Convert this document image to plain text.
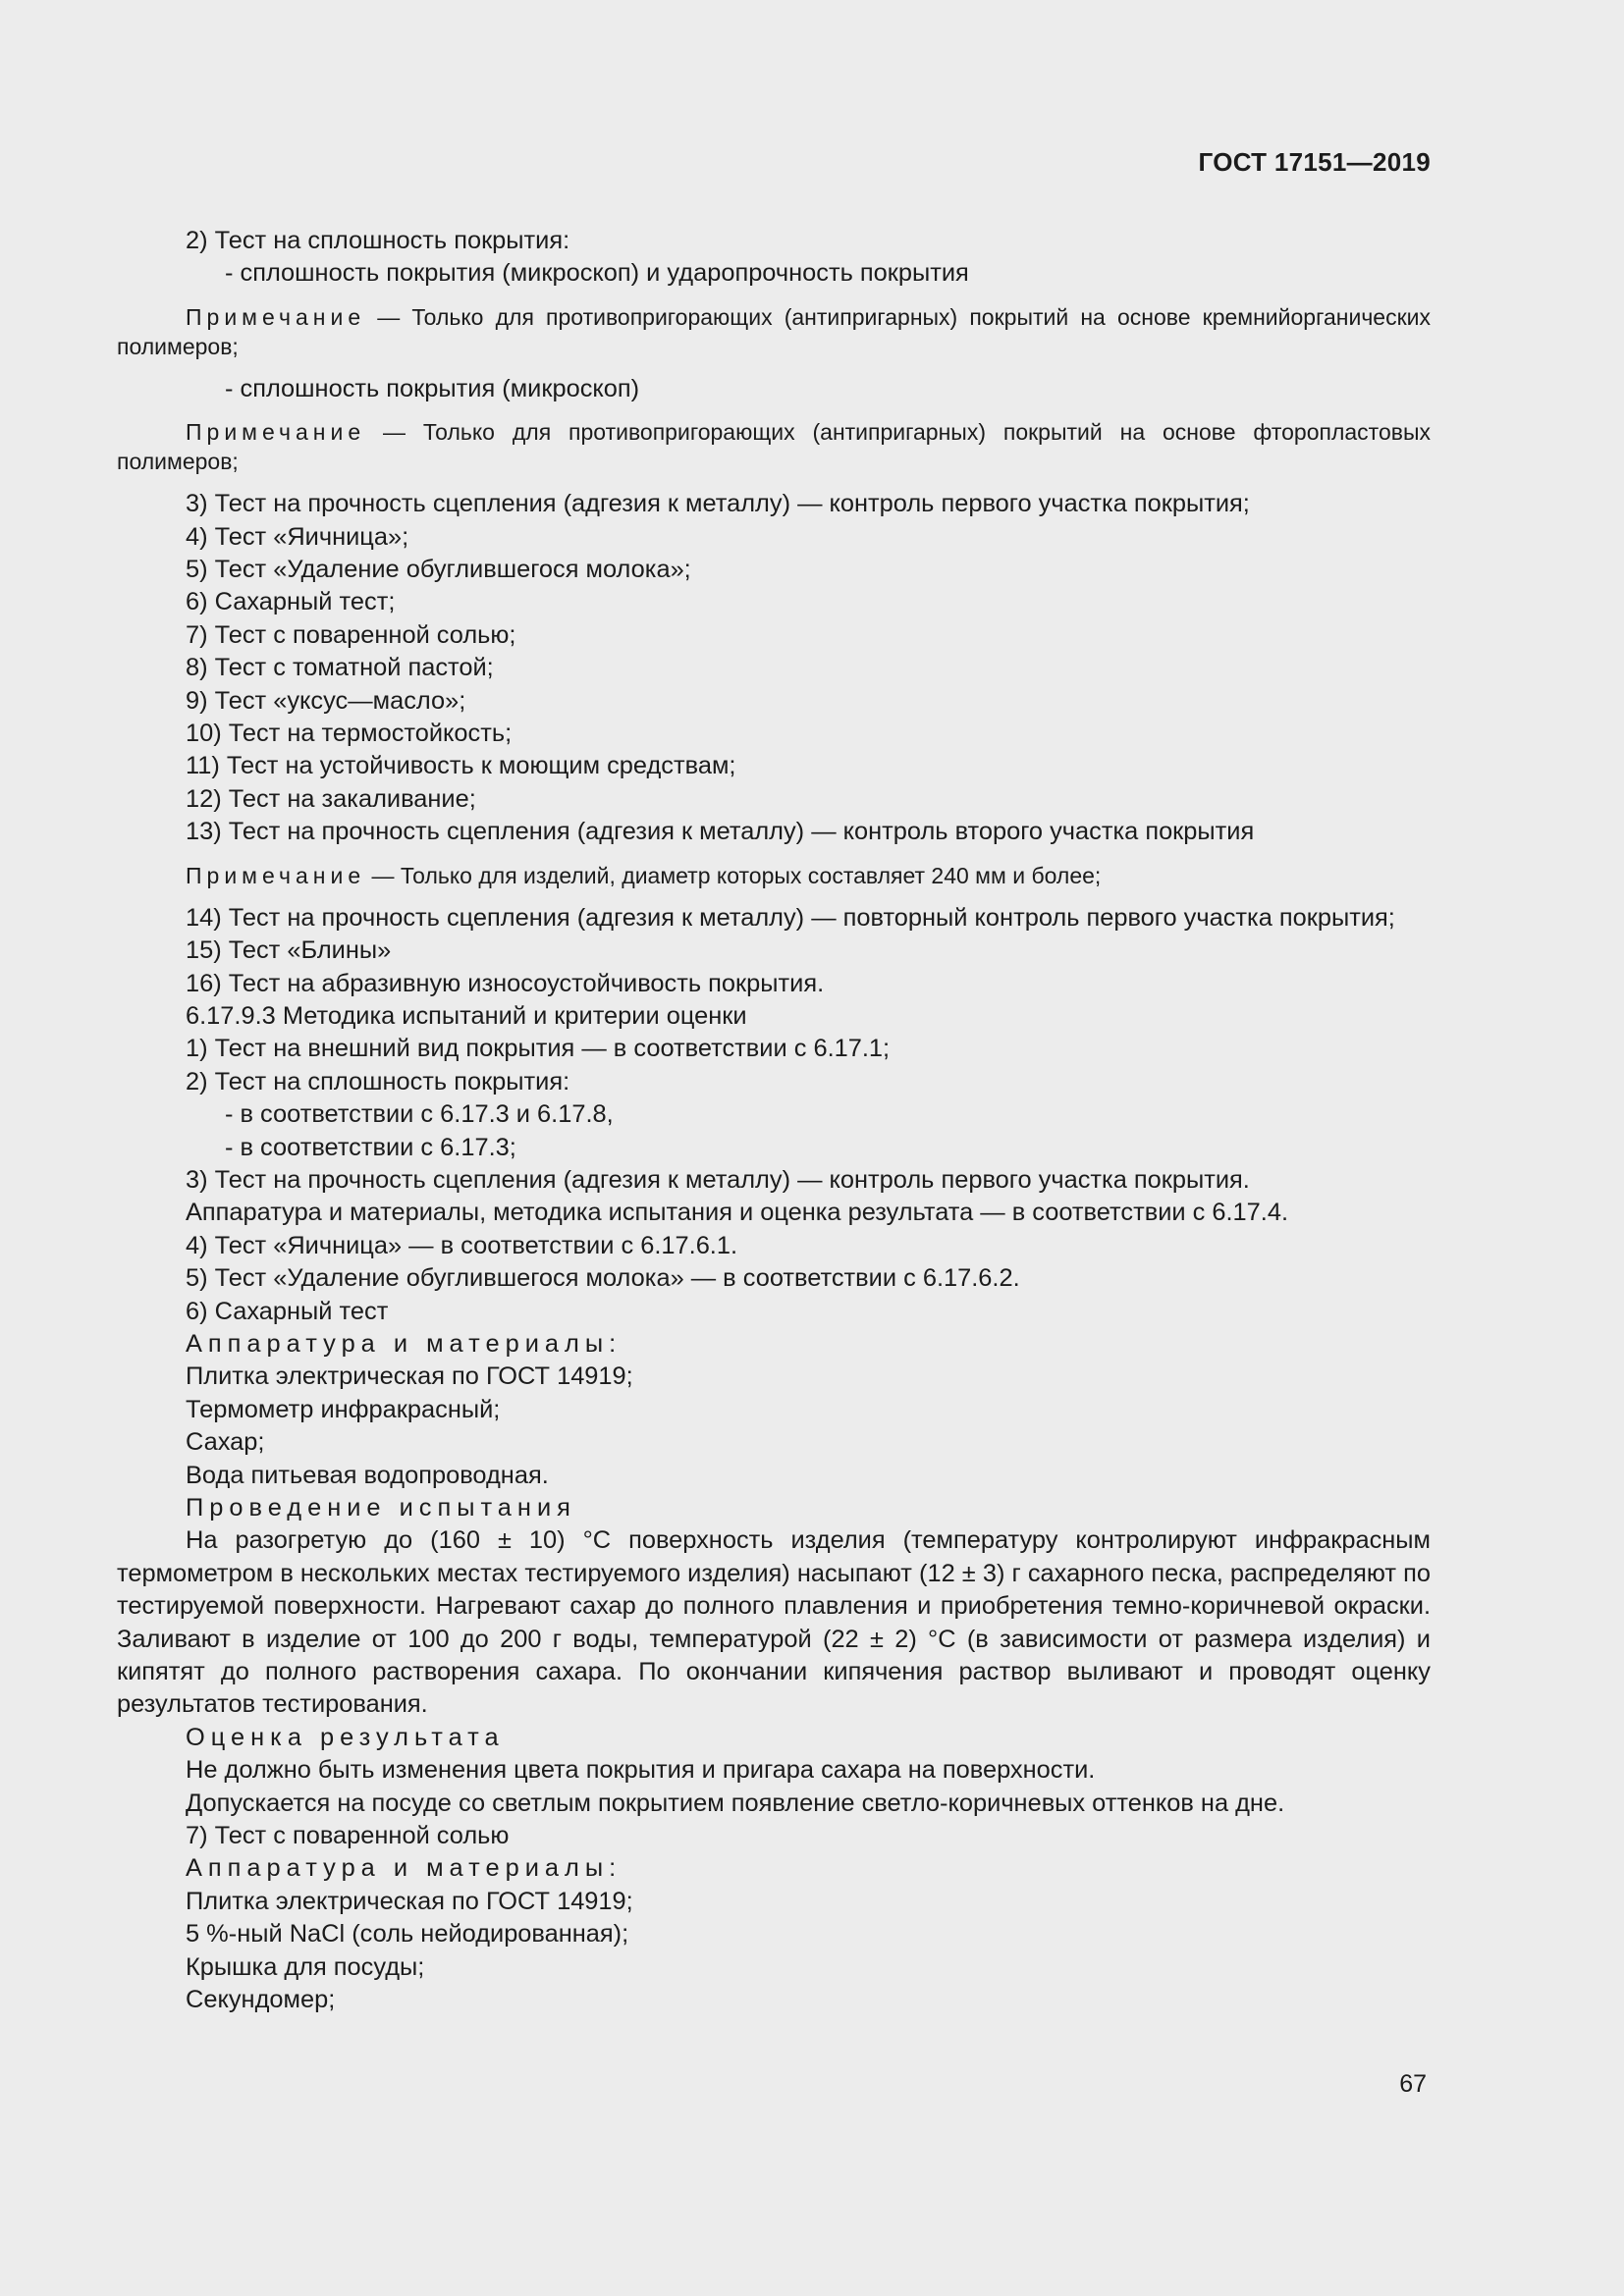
ГОСТ 17151—2019

2) Тест на сплошность покрытия:

- сплошность покрытия (микроскоп) и ударопрочность покрытия

Примечание — Только для противопригорающих (антипригарных) покрытий на основе кремнийорганических полимеров;

- сплошность покрытия (микроскоп)

Примечание — Только для противопригорающих (антипригарных) покрытий на основе фторопластовых полимеров;

3) Тест на прочность сцепления (адгезия к металлу) — контроль первого участка покрытия;

4) Тест «Яичница»;

5) Тест «Удаление обуглившегося молока»;

6) Сахарный тест;

7) Тест с поваренной солью;

8) Тест с томатной пастой;

9) Тест «уксус—масло»;

10) Тест на термостойкость;

11) Тест на устойчивость к моющим средствам;

12) Тест на закаливание;

13) Тест на прочность сцепления (адгезия к металлу) — контроль второго участка покрытия

Примечание — Только для изделий, диаметр которых составляет 240 мм и более;

14) Тест на прочность сцепления (адгезия к металлу) — повторный контроль первого участка покрытия;

15) Тест «Блины»

16) Тест на абразивную износоустойчивость покрытия.

6.17.9.3 Методика испытаний и критерии оценки

1) Тест на внешний вид покрытия — в соответствии с 6.17.1;

2) Тест на сплошность покрытия:

- в соответствии с 6.17.3 и 6.17.8,

- в соответствии с 6.17.3;

3) Тест на прочность сцепления (адгезия к металлу) — контроль первого участка покрытия.

Аппаратура и материалы, методика испытания и оценка результата — в соответствии с 6.17.4.

4) Тест «Яичница» — в соответствии с 6.17.6.1.

5) Тест «Удаление обуглившегося молока» — в соответствии с 6.17.6.2.

6) Сахарный тест

Аппаратура и материалы:

Плитка электрическая по ГОСТ 14919;

Термометр инфракрасный;

Сахар;

Вода питьевая водопроводная.

Проведение испытания

На разогретую до (160 ± 10) °С поверхность изделия (температуру контролируют инфракрасным термометром в нескольких местах тестируемого изделия) насыпают (12 ± 3) г сахарного песка, распределяют по тестируемой поверхности. Нагревают сахар до полного плавления и приобретения темно-коричневой окраски. Заливают в изделие от 100 до 200 г воды, температурой (22 ± 2) °С (в зависимости от размера изделия) и кипятят до полного растворения сахара. По окончании кипячения раствор выливают и проводят оценку результатов тестирования.

Оценка результата

Не должно быть изменения цвета покрытия и пригара сахара на поверхности.

Допускается на посуде со светлым покрытием появление светло-коричневых оттенков на дне.

7) Тест с поваренной солью

Аппаратура и материалы:

Плитка электрическая по ГОСТ 14919;

5 %-ный NaCl (соль нейодированная);

Крышка для посуды;

Секундомер;

67
